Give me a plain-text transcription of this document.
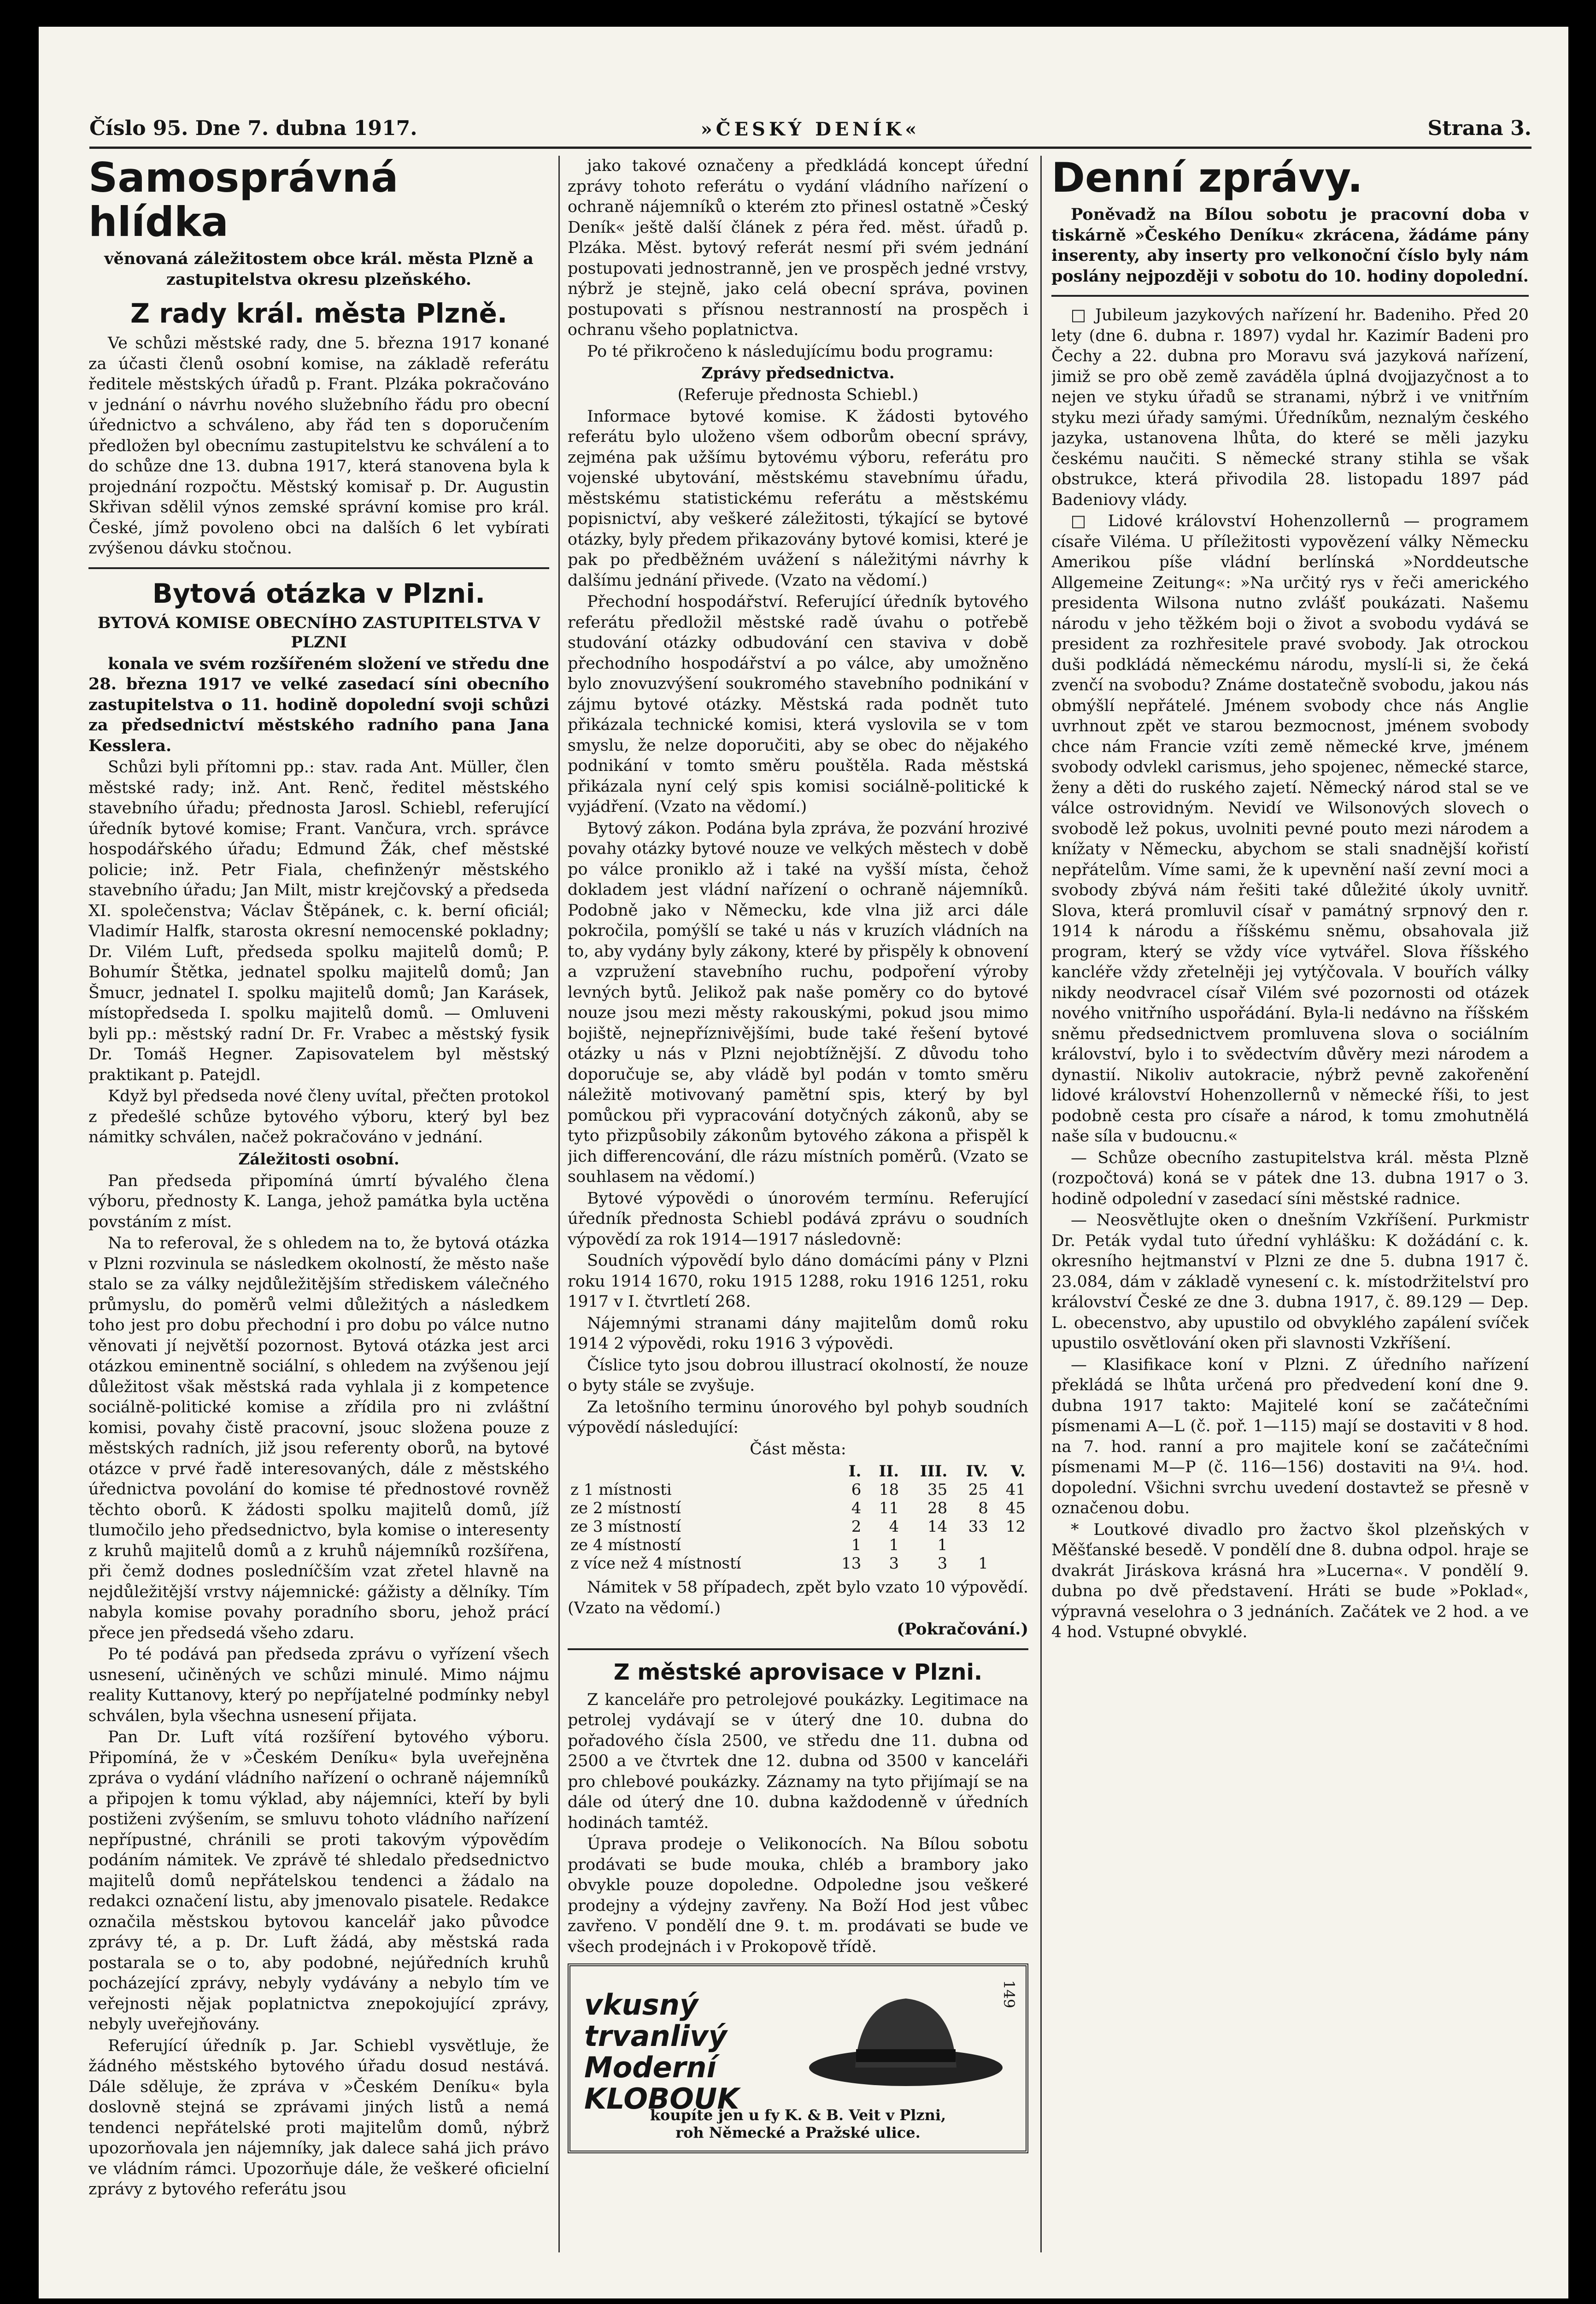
Číslo 95. Dne 7. dubna 1917.	»ČESKÝ DENÍK«	Strana 3.
Samosprávná hlídka

věnovaná záležitostem obce král. města Plzně a zastupitelstva okresu plzeňského.

Z rady král. města Plzně.

Ve schůzi městské rady, dne 5. března 1917 konané za účasti členů osobní komise, na základě referátu ředitele městských úřadů p. Frant. Plzáka pokračováno v jednání o návrhu nového služebního řádu pro obecní úřednictvo a schváleno, aby řád ten s doporučením předložen byl obecnímu zastupitelstvu ke schválení a to do schůze dne 13. dubna 1917, která stanovena byla k projednání rozpočtu. Městský komisař p. Dr. Augustin Skřivan sdělil výnos zemské správní komise pro král. České, jímž povoleno obci na dalších 6 let vybírati zvýšenou dávku stočnou.

Bytová otázka v Plzni.
BYTOVÁ KOMISE OBECNÍHO ZASTUPITELSTVA V PLZNI

konala ve svém rozšířeném složení ve středu dne 28. března 1917 ve velké zasedací síni obecního zastupitelstva o 11. hodině dopolední svoji schůzi za předsednictví městského radního pana Jana Kesslera.

Schůzi byli přítomni pp.: stav. rada Ant. Müller, člen městské rady; inž. Ant. Renč, ředitel městského stavebního úřadu; přednosta Jarosl. Schiebl, referující úředník bytové komise; Frant. Vančura, vrch. správce hospodářského úřadu; Edmund Žák, chef městské policie; inž. Petr Fiala, chefinženýr městského stavebního úřadu; Jan Milt, mistr krejčovský a předseda XI. společenstva; Václav Štěpánek, c. k. berní oficiál; Vladimír Halfk, starosta okresní nemocenské pokladny; Dr. Vilém Luft, předseda spolku majitelů domů; P. Bohumír Štětka, jednatel spolku majitelů domů; Jan Šmucr, jednatel I. spolku majitelů domů; Jan Karásek, místopředseda I. spolku majitelů domů. — Omluveni byli pp.: městský radní Dr. Fr. Vrabec a městský fysik Dr. Tomáš Hegner. Zapisovatelem byl městský praktikant p. Patejdl.

Když byl předseda nové členy uvítal, přečten protokol z předešlé schůze bytového výboru, který byl bez námitky schválen, načež pokračováno v jednání.

Záležitosti osobní.

Pan předseda připomíná úmrtí bývalého člena výboru, přednosty K. Langa, jehož památka byla uctěna povstáním z míst.

Na to referoval, že s ohledem na to, že bytová otázka v Plzni rozvinula se následkem okolností, že město naše stalo se za války nejdůležitějším střediskem válečného průmyslu, do poměrů velmi důležitých a následkem toho jest pro dobu přechodní i pro dobu po válce nutno věnovati jí největší pozornost. Bytová otázka jest arci otázkou eminentně sociální, s ohledem na zvýšenou její důležitost však městská rada vyhlala ji z kompetence sociálně-politické komise a zřídila pro ni zvláštní komisi, povahy čistě pracovní, jsouc složena pouze z městských radních, již jsou referenty oborů, na bytové otázce v prvé řadě interesovaných, dále z městského úřednictva povolání do komise té přednostové rovněž těchto oborů. K žádosti spolku majitelů domů, jíž tlumočilo jeho předsednictvo, byla komise o interesenty z kruhů majitelů domů a z kruhů nájemníků rozšířena, při čemž dodnes posledníčším vzat zřetel hlavně na nejdůležitější vrstvy nájemnické: gážisty a dělníky. Tím nabyla komise povahy poradního sboru, jehož prácí přece jen předsedá všeho zdaru.

Po té podává pan předseda zprávu o vyřízení všech usnesení, učiněných ve schůzi minulé. Mimo nájmu reality Kuttanovy, který po nepříjatelné podmínky nebyl schválen, byla všechna usnesení přijata.

Pan Dr. Luft vítá rozšíření bytového výboru. Připomíná, že v »Českém Deníku« byla uveřejněna zpráva o vydání vládního nařízení o ochraně nájemníků a připojen k tomu výklad, aby nájemníci, kteří by byli postiženi zvýšením, se smluvu tohoto vládního nařízení nepřípustné, chránili se proti takovým výpovědím podáním námitek. Ve zprávě té shledalo předsednictvo majitelů domů nepřátelskou tendenci a žádalo na redakci označení listu, aby jmenovalo pisatele. Redakce označila městskou bytovou kancelář jako původce zprávy té, a p. Dr. Luft žádá, aby městská rada postarala se o to, aby podobné, nejúředních kruhů pocházející zprávy, nebyly vydávány a nebylo tím ve veřejnosti nějak poplatnictva znepokojující zprávy, nebyly uveřejňovány.

Referující úředník p. Jar. Schiebl vysvětluje, že žádného městského bytového úřadu dosud nestává. Dále sděluje, že zpráva v »Českém Deníku« byla doslovně stejná se zprávami jiných listů a nemá tendenci nepřátelské proti majitelům domů, nýbrž upozorňovala jen nájemníky, jak dalece sahá jich právo ve vládním rámci. Upozorňuje dále, že veškeré oficielní zprávy z bytového referátu jsou

jako takové označeny a předkládá koncept úřední zprávy tohoto referátu o vydání vládního nařízení o ochraně nájemníků o kterém zto přinesl ostatně »Český Deník« ještě další článek z péra řed. měst. úřadů p. Plzáka. Měst. bytový referát nesmí při svém jednání postupovati jednostranně, jen ve prospěch jedné vrstvy, nýbrž je stejně, jako celá obecní správa, povinen postupovati s přísnou nestranností na prospěch i ochranu všeho poplatnictva.

Po té přikročeno k následujícímu bodu programu:

Zprávy předsednictva.

(Referuje přednosta Schiebl.)

Informace bytové komise. K žádosti bytového referátu bylo uloženo všem odborům obecní správy, zejména pak užšímu bytovému výboru, referátu pro vojenské ubytování, městskému stavebnímu úřadu, městskému statistickému referátu a městskému popisnictví, aby veškeré záležitosti, týkající se bytové otázky, byly předem přikazovány bytové komisi, které je pak po předběžném uvážení s náležitými návrhy k dalšímu jednání přivede. (Vzato na vědomí.)

Přechodní hospodářství. Referující úředník bytového referátu předložil městské radě úvahu o potřebě studování otázky odbudování cen staviva v době přechodního hospodářství a po válce, aby umožněno bylo znovuzvýšení soukromého stavebního podnikání v zájmu bytové otázky. Městská rada podnět tuto přikázala technické komisi, která vyslovila se v tom smyslu, že nelze doporučiti, aby se obec do nějakého podnikání v tomto směru pouštěla. Rada městská přikázala nyní celý spis komisi sociálně-politické k vyjádření. (Vzato na vědomí.)

Bytový zákon. Podána byla zpráva, že pozvání hrozivé povahy otázky bytové nouze ve velkých městech v době po válce proniklo až i také na vyšší místa, čehož dokladem jest vládní nařízení o ochraně nájemníků. Podobně jako v Německu, kde vlna již arci dále pokročila, pomýšlí se také u nás v kruzích vládních na to, aby vydány byly zákony, které by přispěly k obnovení a vzpružení stavebního ruchu, podpoření výroby levných bytů. Jelikož pak naše poměry co do bytové nouze jsou mezi městy rakouskými, pokud jsou mimo bojiště, nejnepříznivějšími, bude také řešení bytové otázky u nás v Plzni nejobtížnější. Z důvodu toho doporučuje se, aby vládě byl podán v tomto směru náležitě motivovaný pamětní spis, který by byl pomůckou při vypracování dotyčných zákonů, aby se tyto přizpůsobily zákonům bytového zákona a přispěl k jich differencování, dle rázu místních poměrů. (Vzato se souhlasem na vědomí.)

Bytové výpovědi o únorovém termínu. Referující úředník přednosta Schiebl podává zprávu o soudních výpovědí za rok 1914—1917 následovně:

Soudních výpovědí bylo dáno domácími pány v Plzni roku 1914 1670, roku 1915 1288, roku 1916 1251, roku 1917 v I. čtvrtletí 268.

Nájemnými stranami dány majitelům domů roku 1914 2 výpovědi, roku 1916 3 výpovědi.

Číslice tyto jsou dobrou illustrací okolností, že nouze o byty stále se zvyšuje.

Za letošního terminu únorového byl pohyb soudních výpovědí následující:

Část města:

	I.	II.	III.	IV.	V.
z 1 místnosti	6	18	35	25	41
ze 2 místností	4	11	28	8	45
ze 3 místností	2	4	14	33	12
ze 4 místností	1	1	1		
z více než 4 místností	13	3	3	1	

Námitek v 58 případech, zpět bylo vzato 10 výpovědí. (Vzato na vědomí.)

(Pokračování.)

Z městské aprovisace v Plzni.

Z kanceláře pro petrolejové poukázky. Legitimace na petrolej vydávají se v úterý dne 10. dubna do pořadového čísla 2500, ve středu dne 11. dubna od 2500 a ve čtvrtek dne 12. dubna od 3500 v kanceláři pro chlebové poukázky. Záznamy na tyto přijímají se na dále od úterý dne 10. dubna každodenně v úředních hodinách tamtéž.

Úprava prodeje o Velikonocích. Na Bílou sobotu prodávati se bude mouka, chléb a brambory jako obvykle pouze dopoledne. Odpoledne jsou veškeré prodejny a výdejny zavřeny. Na Boží Hod jest vůbec zavřeno. V pondělí dne 9. t. m. prodávati se bude ve všech prodejnách i v Prokopově třídě.

vkusný
trvanlivý
Moderní
KLOBOUK
149
koupíte jen u fy K. & B. Veit v Plzni,
roh Německé a Pražské ulice.
Denní zprávy.

Poněvadž na Bílou sobotu je pracovní doba v tiskárně »Českého Deníku« zkrácena, žádáme pány inserenty, aby inserty pro velkonoční číslo byly nám poslány nejpozději v sobotu do 10. hodiny dopolední.

□ Jubileum jazykových nařízení hr. Badeniho. Před 20 lety (dne 6. dubna r. 1897) vydal hr. Kazimír Badeni pro Čechy a 22. dubna pro Moravu svá jazyková nařízení, jimiž se pro obě země zaváděla úplná dvojjazyčnost a to nejen ve styku úřadů se stranami, nýbrž i ve vnitřním styku mezi úřady samými. Úředníkům, neznalým českého jazyka, ustanovena lhůta, do které se měli jazyku českému naučiti. S německé strany stihla se však obstrukce, která přivodila 28. listopadu 1897 pád Badeniovy vlády.

□ Lidové království Hohenzollernů — programem císaře Viléma. U příležitosti vypovězení války Německu Amerikou píše vládní berlínská »Norddeutsche Allgemeine Zeitung«: »Na určitý rys v řeči amerického presidenta Wilsona nutno zvlášť poukázati. Našemu národu v jeho těžkém boji o život a svobodu vydává se president za rozhřesitele pravé svobody. Jak otrockou duši podkládá německému národu, myslí-li si, že čeká zvenčí na svobodu? Známe dostatečně svobodu, jakou nás obmýšlí nepřátelé. Jménem svobody chce nás Anglie uvrhnout zpět ve starou bezmocnost, jménem svobody chce nám Francie vzíti země německé krve, jménem svobody odvlekl carismus, jeho spojenec, německé starce, ženy a děti do ruského zajetí. Německý národ stal se ve válce ostrovidným. Nevidí ve Wilsonových slovech o svobodě lež pokus, uvolniti pevné pouto mezi národem a knížaty v Německu, abychom se stali snadnější kořistí nepřátelům. Víme sami, že k upevnění naší zevní moci a svobody zbývá nám řešiti také důležité úkoly uvnitř. Slova, která promluvil císař v památný srpnový den r. 1914 k národu a říšskému sněmu, obsahovala již program, který se vždy více vytvářel. Slova říšského kancléře vždy zřetelněji jej vytýčovala. V bouřích války nikdy neodvracel císař Vilém své pozornosti od otázek nového vnitřního uspořádání. Byla-li nedávno na říšském sněmu předsednictvem promluvena slova o sociálním království, bylo i to svědectvím důvěry mezi národem a dynastií. Nikoliv autokracie, nýbrž pevně zakořenění lidové království Hohenzollernů v německé říši, to jest podobně cesta pro císaře a národ, k tomu zmohutnělá naše síla v budoucnu.«

— Schůze obecního zastupitelstva král. města Plzně (rozpočtová) koná se v pátek dne 13. dubna 1917 o 3. hodině odpolední v zasedací síni městské radnice.

— Neosvětlujte oken o dnešním Vzkříšení. Purkmistr Dr. Peták vydal tuto úřední vyhlášku: K dožádání c. k. okresního hejtmanství v Plzni ze dne 5. dubna 1917 č. 23.084, dám v základě vynesení c. k. místodržitelství pro království České ze dne 3. dubna 1917, č. 89.129 — Dep. L. obecenstvo, aby upustilo od obvyklého zapálení svíček upustilo osvětlování oken při slavnosti Vzkříšení.

— Klasifikace koní v Plzni. Z úředního nařízení překládá se lhůta určená pro předvedení koní dne 9. dubna 1917 takto: Majitelé koní se začátečními písmenami A—L (č. poř. 1—115) mají se dostaviti v 8 hod. na 7. hod. ranní a pro majitele koní se začátečními písmenami M—P (č. 116—156) dostaviti na 9¼. hod. dopolední. Všichni svrchu uvedení dostavtež se přesně v označenou dobu.

* Loutkové divadlo pro žactvo škol plzeňských v Měšťanské besedě. V pondělí dne 8. dubna odpol. hraje se dvakrát Jiráskova krásná hra »Lucerna«. V pondělí 9. dubna po dvě představení. Hráti se bude »Poklad«, výpravná veselohra o 3 jednáních. Začátek ve 2 hod. a ve 4 hod. Vstupné obvyklé.
